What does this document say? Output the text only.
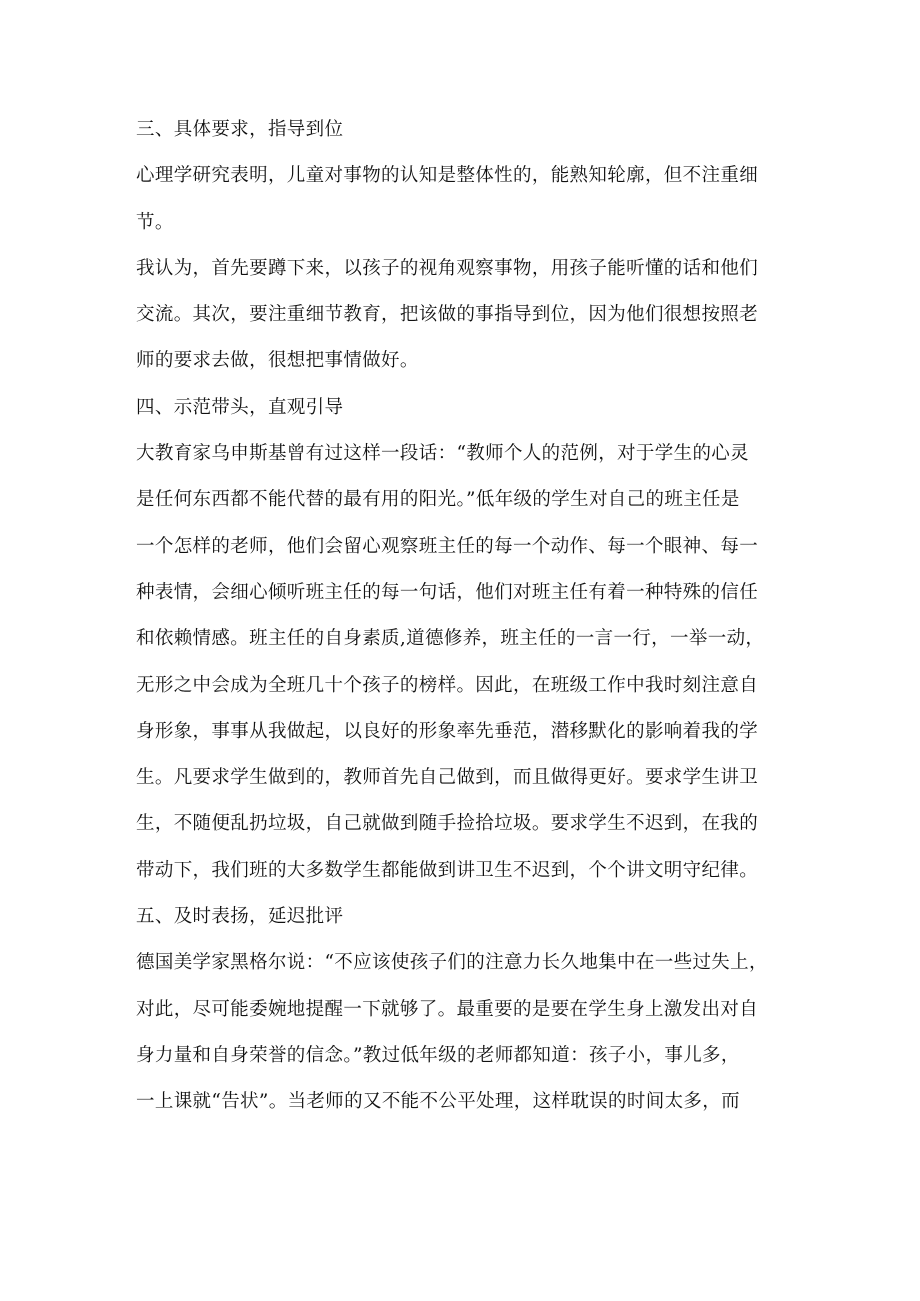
三、具体要求，指导到位
心理学研究表明，儿童对事物的认知是整体性的，能熟知轮廓，但不注重细
节。
我认为，首先要蹲下来，以孩子的视角观察事物，用孩子能听懂的话和他们
交流。其次，要注重细节教育，把该做的事指导到位，因为他们很想按照老
师的要求去做，很想把事情做好。
四、示范带头，直观引导
大教育家乌申斯基曾有过这样一段话：“教师个人的范例，对于学生的心灵
是任何东西都不能代替的最有用的阳光。”低年级的学生对自己的班主任是
一个怎样的老师，他们会留心观察班主任的每一个动作、每一个眼神、每一
种表情，会细心倾听班主任的每一句话，他们对班主任有着一种特殊的信任
和依赖情感。班主任的自身素质,道德修养，班主任的一言一行，一举一动，
无形之中会成为全班几十个孩子的榜样。因此，在班级工作中我时刻注意自
身形象，事事从我做起，以良好的形象率先垂范，潜移默化的影响着我的学
生。凡要求学生做到的，教师首先自己做到，而且做得更好。要求学生讲卫
生，不随便乱扔垃圾，自己就做到随手捡拾垃圾。要求学生不迟到，在我的
带动下，我们班的大多数学生都能做到讲卫生不迟到，个个讲文明守纪律。
五、及时表扬，延迟批评
德国美学家黑格尔说：“不应该使孩子们的注意力长久地集中在一些过失上，
对此，尽可能委婉地提醒一下就够了。最重要的是要在学生身上激发出对自
身力量和自身荣誉的信念。”教过低年级的老师都知道：孩子小，事儿多，
一上课就“告状”。当老师的又不能不公平处理，这样耽误的时间太多，而
